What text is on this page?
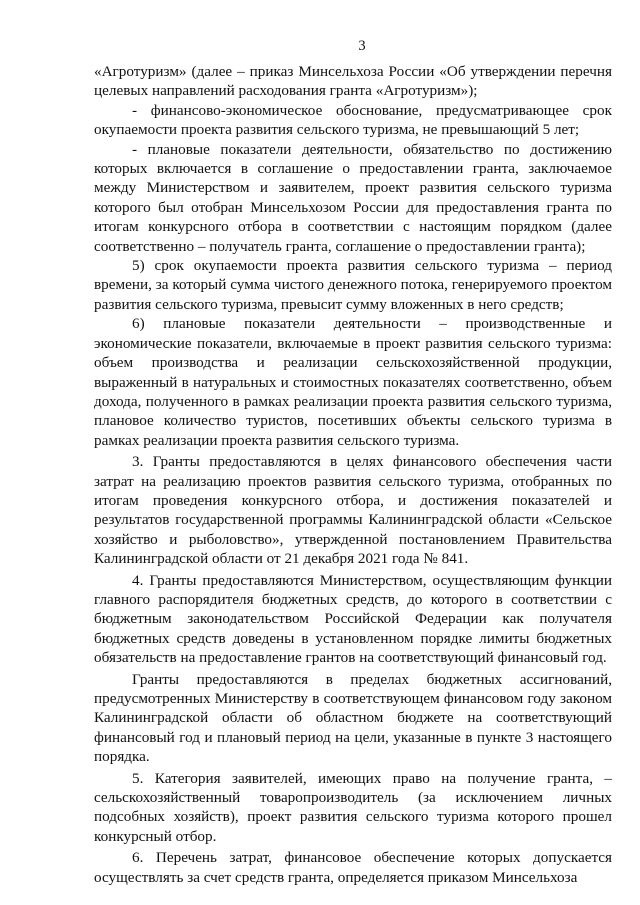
3

«Агротуризм» (далее – приказ Минсельхоза России «Об утверждении перечня целевых направлений расходования гранта «Агротуризм»);

- финансово-экономическое обоснование, предусматривающее срок окупаемости проекта развития сельского туризма, не превышающий 5 лет;

- плановые показатели деятельности, обязательство по достижению которых включается в соглашение о предоставлении гранта, заключаемое между Министерством и заявителем, проект развития сельского туризма которого был отобран Минсельхозом России для предоставления гранта по итогам конкурсного отбора в соответствии с настоящим порядком (далее соответственно – получатель гранта, соглашение о предоставлении гранта);

5) срок окупаемости проекта развития сельского туризма – период времени, за который сумма чистого денежного потока, генерируемого проектом развития сельского туризма, превысит сумму вложенных в него средств;

6) плановые показатели деятельности – производственные и экономические показатели, включаемые в проект развития сельского туризма: объем производства и реализации сельскохозяйственной продукции, выраженный в натуральных и стоимостных показателях соответственно, объем дохода, полученного в рамках реализации проекта развития сельского туризма, плановое количество туристов, посетивших объекты сельского туризма в рамках реализации проекта развития сельского туризма.

3. Гранты предоставляются в целях финансового обеспечения части затрат на реализацию проектов развития сельского туризма, отобранных по итогам проведения конкурсного отбора, и достижения показателей и результатов государственной программы Калининградской области «Сельское хозяйство и рыболовство», утвержденной постановлением Правительства Калининградской области от 21 декабря 2021 года № 841.

4. Гранты предоставляются Министерством, осуществляющим функции главного распорядителя бюджетных средств, до которого в соответствии с бюджетным законодательством Российской Федерации как получателя бюджетных средств доведены в установленном порядке лимиты бюджетных обязательств на предоставление грантов на соответствующий финансовый год.

Гранты предоставляются в пределах бюджетных ассигнований, предусмотренных Министерству в соответствующем финансовом году законом Калининградской области об областном бюджете на соответствующий финансовый год и плановый период на цели, указанные в пункте 3 настоящего порядка.

5. Категория заявителей, имеющих право на получение гранта, – сельскохозяйственный товаропроизводитель (за исключением личных подсобных хозяйств), проект развития сельского туризма которого прошел конкурсный отбор.

6. Перечень затрат, финансовое обеспечение которых допускается осуществлять за счет средств гранта, определяется приказом Минсельхоза
